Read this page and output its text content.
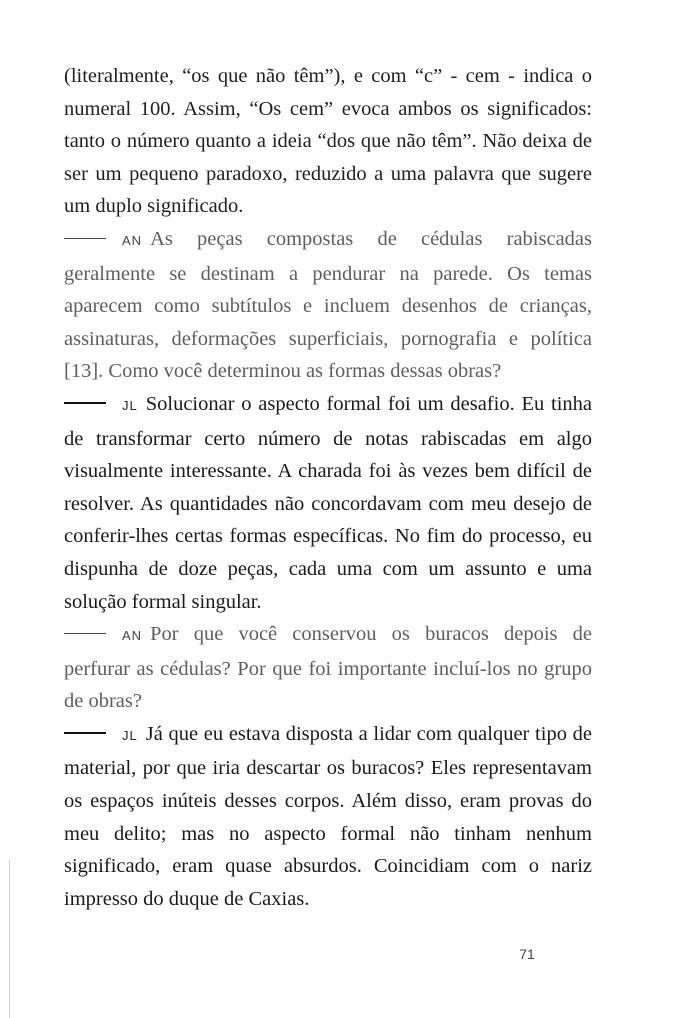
(literalmente, “os que não têm”), e com “c” - cem - indica o numeral 100. Assim, “Os cem” evoca ambos os significados: tanto o número quanto a ideia “dos que não têm”. Não deixa de ser um pequeno paradoxo, reduzido a uma palavra que sugere um duplo significado.

AN As peças compostas de cédulas rabiscadas geralmente se destinam a pendurar na parede. Os temas aparecem como subtítulos e incluem desenhos de crianças, assinaturas, deformações superficiais, pornografia e política [13]. Como você determinou as formas dessas obras?

JL Solucionar o aspecto formal foi um desafio. Eu tinha de transformar certo número de notas rabiscadas em algo visualmente interessante. A charada foi às vezes bem difícil de resolver. As quantidades não concordavam com meu desejo de conferir-lhes certas formas específicas. No fim do processo, eu dispunha de doze peças, cada uma com um assunto e uma solução formal singular.

AN Por que você conservou os buracos depois de perfurar as cédulas? Por que foi importante incluí-los no grupo de obras?

JL Já que eu estava disposta a lidar com qualquer tipo de material, por que iria descartar os buracos? Eles representavam os espaços inúteis desses corpos. Além disso, eram provas do meu delito; mas no aspecto formal não tinham nenhum significado, eram quase absurdos. Coincidiam com o nariz impresso do duque de Caxias.

71
